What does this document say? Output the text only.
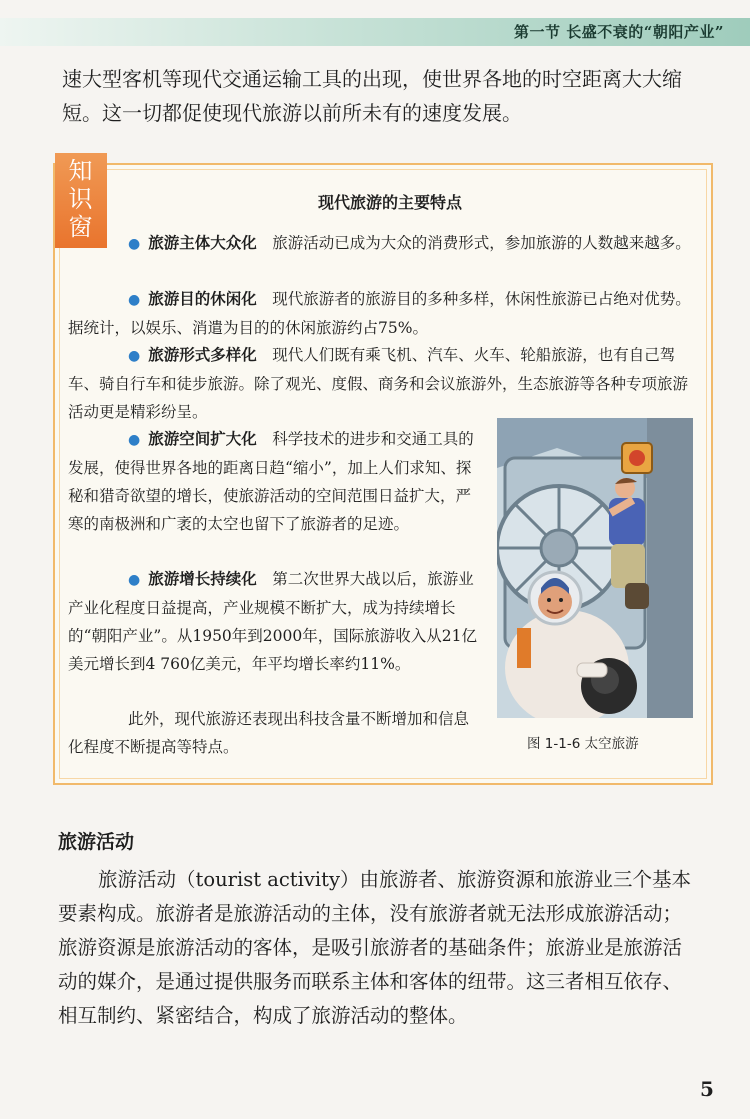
第一节 长盛不衰的“朝阳产业”

速大型客机等现代交通运输工具的出现，使世界各地的时空距离大大缩短。这一切都促使现代旅游以前所未有的速度发展。

知
识
窗
现代旅游的主要特点

● 旅游主体大众化　 旅游活动已成为大众的消费形式，参加旅游的人数越来越多。

● 旅游目的休闲化　 现代旅游者的旅游目的多种多样，休闲性旅游已占绝对优势。据统计，以娱乐、消遣为目的的休闲旅游约占75%。

● 旅游形式多样化　 现代人们既有乘飞机、汽车、火车、轮船旅游，也有自己驾车、骑自行车和徒步旅游。除了观光、度假、商务和会议旅游外，生态旅游等各种专项旅游活动更是精彩纷呈。

● 旅游空间扩大化　 科学技术的进步和交通工具的发展，使得世界各地的距离日趋“缩小”，加上人们求知、探秘和猎奇欲望的增长，使旅游活动的空间范围日益扩大，严寒的南极洲和广袤的太空也留下了旅游者的足迹。

● 旅游增长持续化　 第二次世界大战以后，旅游业产业化程度日益提高，产业规模不断扩大，成为持续增长的“朝阳产业”。从1950年到2000年，国际旅游收入从21亿美元增长到4 760亿美元，年平均增长率约11%。

此外，现代旅游还表现出科技含量不断增加和信息化程度不断提高等特点。	图 1-1-6 太空旅游
旅游活动

旅游活动（tourist activity）由旅游者、旅游资源和旅游业三个基本要素构成。旅游者是旅游活动的主体，没有旅游者就无法形成旅游活动；旅游资源是旅游活动的客体，是吸引旅游者的基础条件；旅游业是旅游活动的媒介，是通过提供服务而联系主体和客体的纽带。这三者相互依存、相互制约、紧密结合，构成了旅游活动的整体。

5
